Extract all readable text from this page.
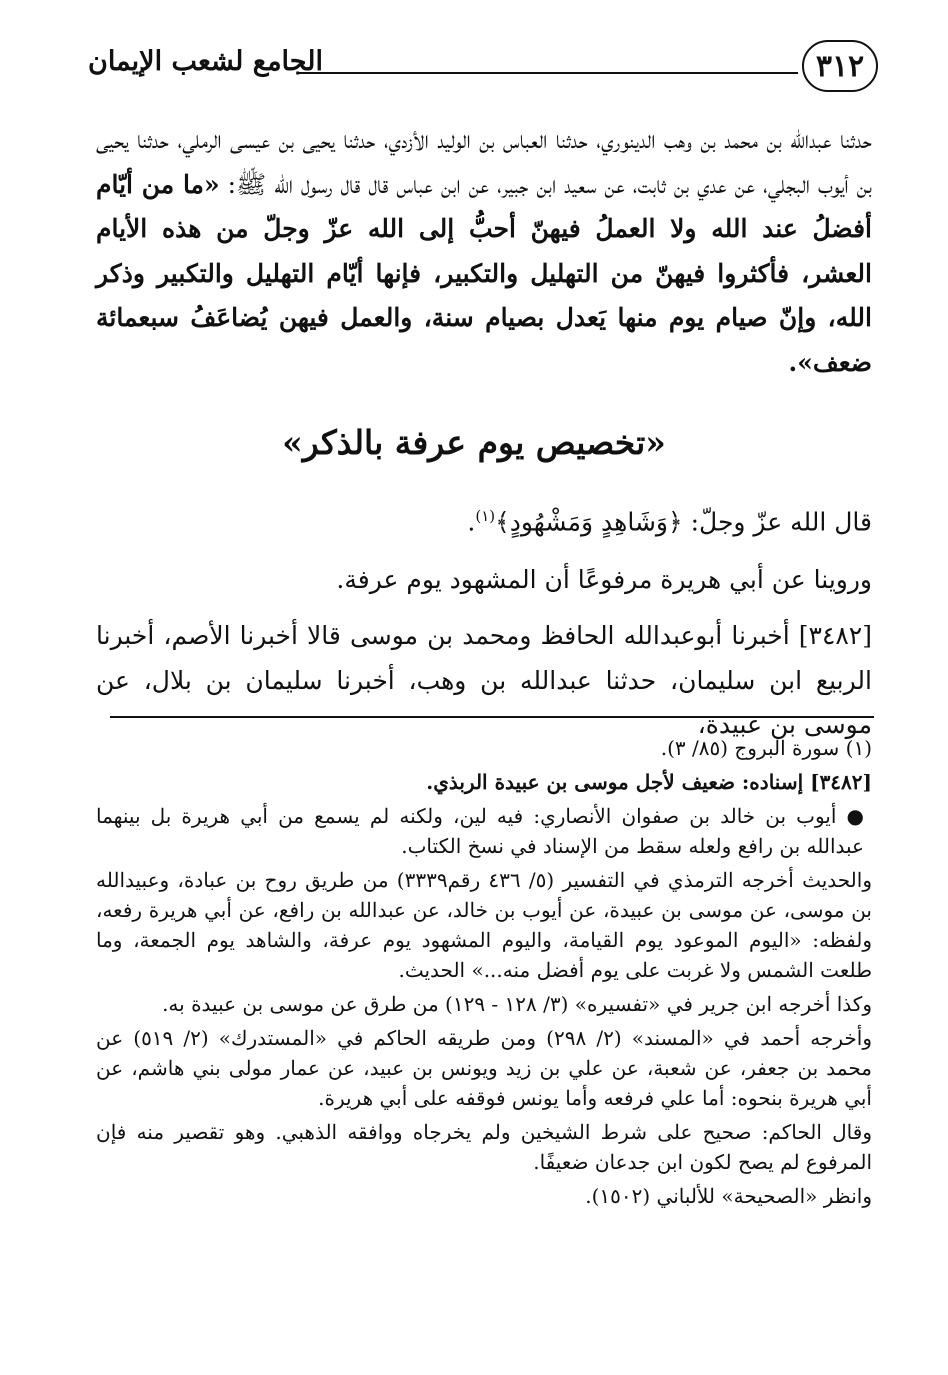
٣١٢
الجامع لشعب الإيمان
حدثنا عبدالله بن محمد بن وهب الدينوري، حدثنا العباس بن الوليد الأزدي، حدثنا يحيى بن عيسى الرملي، حدثنا يحيى بن أيوب البجلي، عن عدي بن ثابت، عن سعيد ابن جبير، عن ابن عباس قال قال رسول الله ﷺ: «ما من أيّام أفضلُ عند الله ولا العملُ فيهنّ أحبُّ إلى الله عزّ وجلّ من هذه الأيام العشر، فأكثروا فيهنّ من التهليل والتكبير، فإنها أيّام التهليل والتكبير وذكر الله، وإنّ صيام يوم منها يَعدل بصيام سنة، والعمل فيهن يُضاعَفُ سبعمائة ضعف».
«تخصيص يوم عرفة بالذكر»
قال الله عزّ وجلّ: ﴿وَشَاهِدٍ وَمَشْهُودٍ﴾$^{(١)}$.
وروينا عن أبي هريرة مرفوعًا أن المشهود يوم عرفة.
[٣٤٨٢] أخبرنا أبوعبدالله الحافظ ومحمد بن موسى قالا أخبرنا الأصم، أخبرنا الربيع ابن سليمان، حدثنا عبدالله بن وهب، أخبرنا سليمان بن بلال، عن موسى بن عبيدة،

(١) سورة البروج (٨٥/ ٣).

[٣٤٨٢] إسناده: ضعيف لأجل موسى بن عبيدة الربذي.

● أيوب بن خالد بن صفوان الأنصاري: فيه لين، ولكنه لم يسمع من أبي هريرة بل بينهما عبدالله بن رافع ولعله سقط من الإسناد في نسخ الكتاب.

والحديث أخرجه الترمذي في التفسير (٥/ ٤٣٦ رقم٣٣٣٩) من طريق روح بن عبادة، وعبيدالله بن موسى، عن موسى بن عبيدة، عن أيوب بن خالد، عن عبدالله بن رافع، عن أبي هريرة رفعه، ولفظه: «اليوم الموعود يوم القيامة، واليوم المشهود يوم عرفة، والشاهد يوم الجمعة، وما طلعت الشمس ولا غربت على يوم أفضل منه...» الحديث.

وكذا أخرجه ابن جرير في «تفسيره» (٣/ ١٢٨ - ١٢٩) من طرق عن موسى بن عبيدة به.

وأخرجه أحمد في «المسند» (٢/ ٢٩٨) ومن طريقه الحاكم في «المستدرك» (٢/ ٥١٩) عن محمد بن جعفر، عن شعبة، عن علي بن زيد ويونس بن عبيد، عن عمار مولى بني هاشم، عن أبي هريرة بنحوه: أما علي فرفعه وأما يونس فوقفه على أبي هريرة.

وقال الحاكم: صحيح على شرط الشيخين ولم يخرجاه ووافقه الذهبي. وهو تقصير منه فإن المرفوع لم يصح لكون ابن جدعان ضعيفًا.

وانظر «الصحيحة» للألباني (١٥٠٢).
